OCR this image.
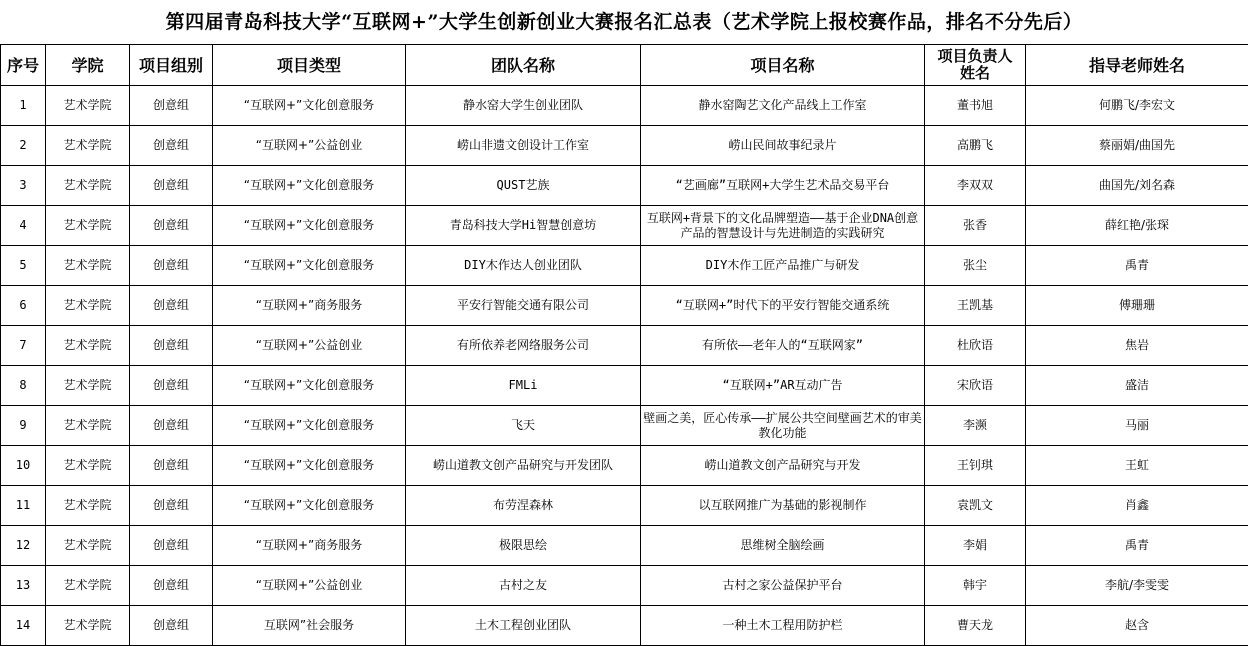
第四届青岛科技大学“互联网+”大学生创新创业大赛报名汇总表（艺术学院上报校赛作品，排名不分先后）
序号	学院	项目组别	项目类型	团队名称	项目名称	项目负责人姓名	指导老师姓名
1	艺术学院	创意组	“互联网+”文化创意服务	静水窑大学生创业团队	静水窑陶艺文化产品线上工作室	董书旭	何鹏飞/李宏文
2	艺术学院	创意组	“互联网+”公益创业	崂山非遗文创设计工作室	崂山民间故事纪录片	高鹏飞	蔡丽娟/曲国先
3	艺术学院	创意组	“互联网+”文化创意服务	QUST艺族	“艺画廊”互联网+大学生艺术品交易平台	李双双	曲国先/刘名森
4	艺术学院	创意组	“互联网+”文化创意服务	青岛科技大学Hi智慧创意坊	互联网+背景下的文化品牌塑造——基于企业DNA创意产品的智慧设计与先进制造的实践研究	张香	薛红艳/张琛
5	艺术学院	创意组	“互联网+”文化创意服务	DIY木作达人创业团队	DIY木作工匠产品推广与研发	张尘	禹青
6	艺术学院	创意组	“互联网+”商务服务	平安行智能交通有限公司	“互联网+”时代下的平安行智能交通系统	王凯基	傅珊珊
7	艺术学院	创意组	“互联网+”公益创业	有所依养老网络服务公司	有所依——老年人的“互联网家”	杜欣语	焦岩
8	艺术学院	创意组	“互联网+”文化创意服务	FMLi	“互联网+”AR互动广告	宋欣语	盛洁
9	艺术学院	创意组	“互联网+”文化创意服务	飞天	壁画之美，匠心传承——扩展公共空间壁画艺术的审美教化功能	李濒	马丽
10	艺术学院	创意组	“互联网+”文化创意服务	崂山道教文创产品研究与开发团队	崂山道教文创产品研究与开发	王钊琪	王虹
11	艺术学院	创意组	“互联网+”文化创意服务	布劳涅森林	以互联网推广为基础的影视制作	袁凯文	肖鑫
12	艺术学院	创意组	“互联网+”商务服务	极限思绘	思维树全脑绘画	李娟	禹青
13	艺术学院	创意组	“互联网+”公益创业	古村之友	古村之家公益保护平台	韩宇	李航/李雯雯
14	艺术学院	创意组	互联网”社会服务	土木工程创业团队	一种土木工程用防护栏	曹天龙	赵含
